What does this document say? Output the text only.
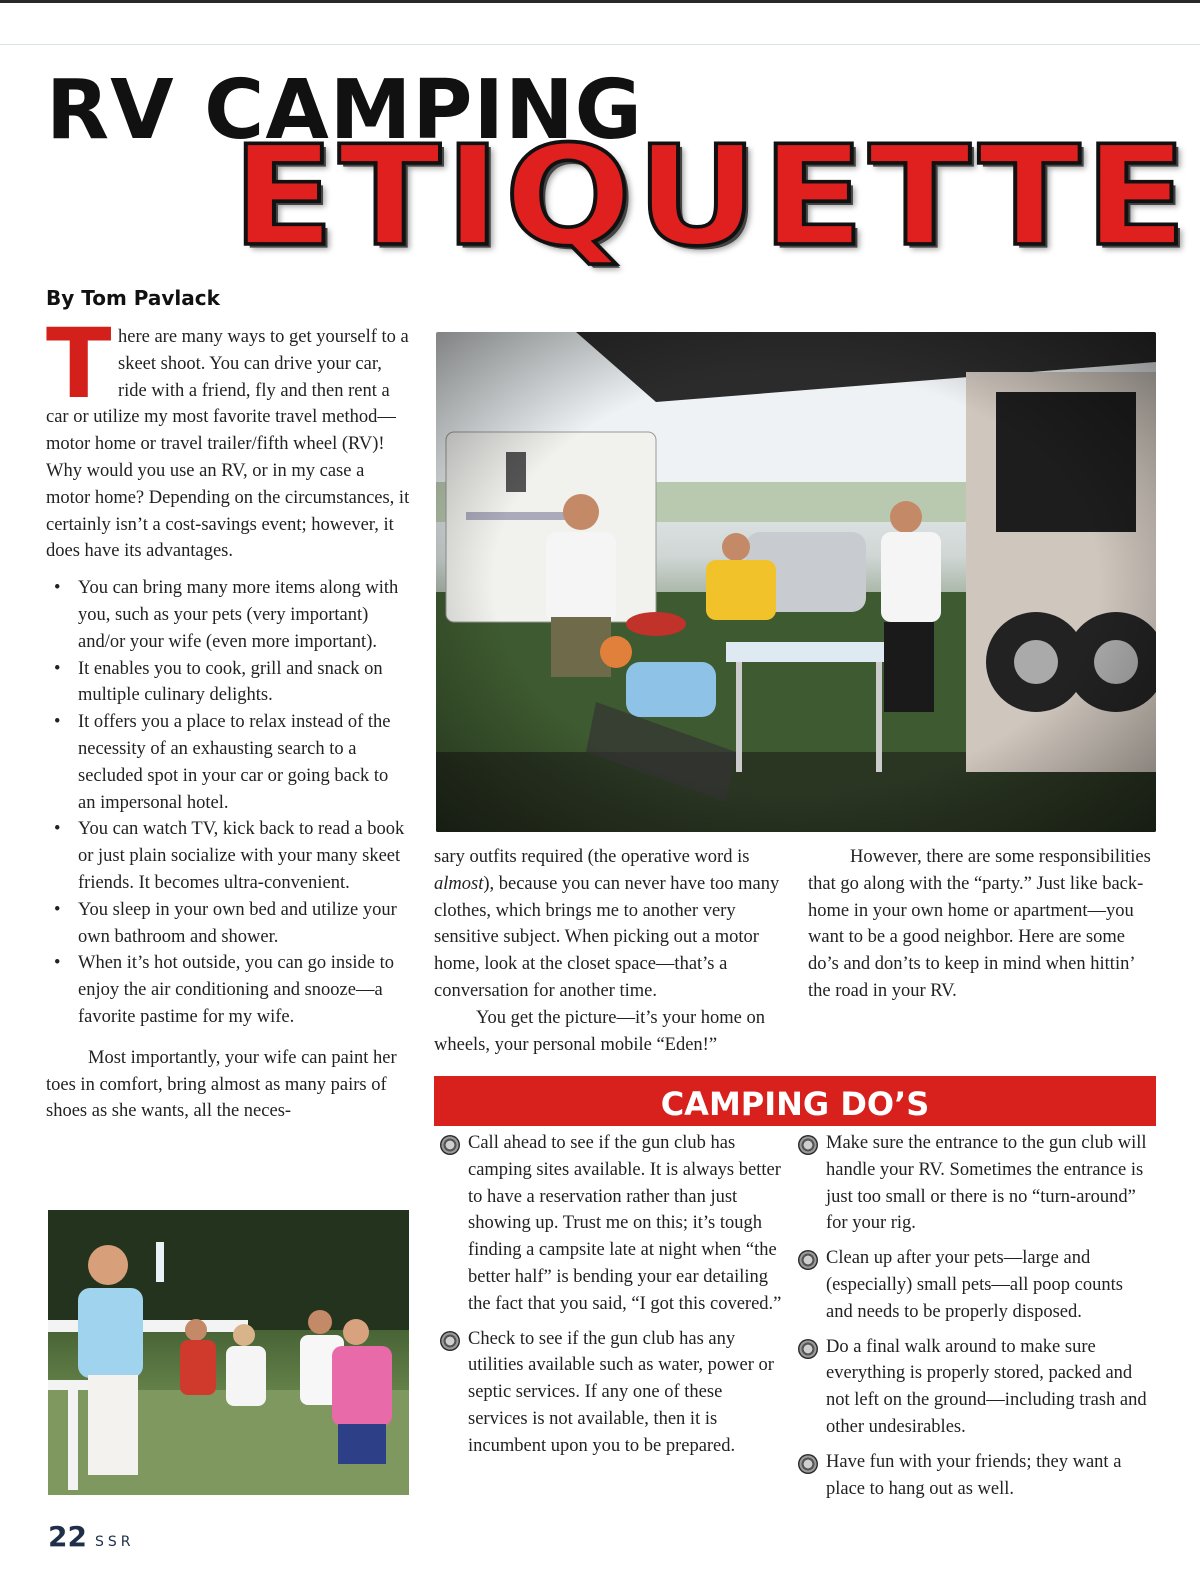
RV CAMPING
ETIQUETTE
By Tom Pavlack

There are many ways to get yourself to a skeet shoot. You can drive your car, ride with a friend, fly and then rent a car or utilize my most favorite travel method—motor home or travel trailer/fifth wheel (RV)! Why would you use an RV, or in my case a motor home? Depending on the circumstances, it certainly isn’t a cost-savings event; however, it does have its advantages.

• You can bring many more items along with you, such as your pets (very important) and/or your wife (even more important).
• It enables you to cook, grill and snack on multiple culinary delights.
• It offers you a place to relax instead of the necessity of an exhausting search to a secluded spot in your car or going back to an impersonal hotel.
• You can watch TV, kick back to read a book or just plain socialize with your many skeet friends. It becomes ultra-convenient.
• You sleep in your own bed and utilize your own bathroom and shower.
• When it’s hot outside, you can go inside to enjoy the air conditioning and snooze—a favorite pastime for my wife.

Most importantly, your wife can paint her toes in comfort, bring almost as many pairs of shoes as she wants, all the neces-

sary outfits required (the operative word is almost), because you can never have too many clothes, which brings me to another very sensitive subject. When picking out a motor home, look at the closet space—that’s a conversation for another time.

You get the picture—it’s your home on wheels, your personal mobile “Eden!”

However, there are some responsibilities that go along with the “party.” Just like back-home in your own home or apartment—you want to be a good neighbor. Here are some do’s and don’ts to keep in mind when hittin’ the road in your RV.

CAMPING DO’S

Call ahead to see if the gun club has camping sites available. It is always better to have a reservation rather than just showing up. Trust me on this; it’s tough finding a campsite late at night when “the better half” is bending your ear detailing the fact that you said, “I got this covered.”

Check to see if the gun club has any utilities available such as water, power or septic services. If any one of these services is not available, then it is incumbent upon you to be prepared.

Make sure the entrance to the gun club will handle your RV. Sometimes the entrance is just too small or there is no “turn-around” for your rig.

Clean up after your pets—large and (especially) small pets—all poop counts and needs to be properly disposed.

Do a final walk around to make sure everything is properly stored, packed and not left on the ground—including trash and other undesirables.

Have fun with your friends; they want a place to hang out as well.

22 SSR
